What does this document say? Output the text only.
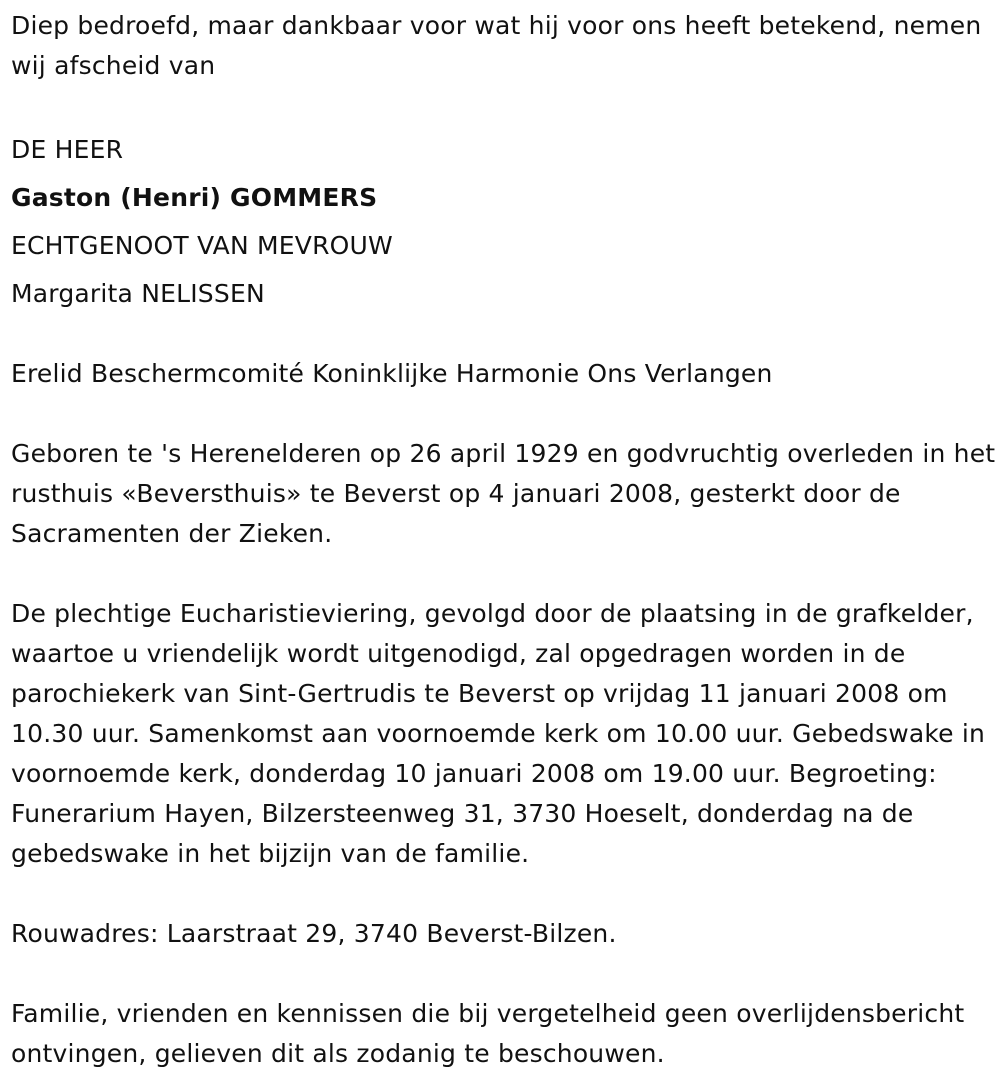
Diep bedroefd, maar dankbaar voor wat hij voor ons heeft betekend, nemen wij afscheid van

DE HEER

Gaston (Henri) GOMMERS

ECHTGENOOT VAN MEVROUW

Margarita NELISSEN

Erelid Beschermcomité Koninklijke Harmonie Ons Verlangen

Geboren te 's Herenelderen op 26 april 1929 en godvruchtig overleden in het rusthuis «Beversthuis» te Beverst op 4 januari 2008, gesterkt door de Sacramenten der Zieken.

De plechtige Eucharistieviering, gevolgd door de plaatsing in de grafkelder, waartoe u vriendelijk wordt uitgenodigd, zal opgedragen worden in de parochiekerk van Sint-Gertrudis te Beverst op vrijdag 11 januari 2008 om 10.30 uur. Samenkomst aan voornoemde kerk om 10.00 uur. Gebedswake in voornoemde kerk, donderdag 10 januari 2008 om 19.00 uur. Begroeting: Funerarium Hayen, Bilzersteenweg 31, 3730 Hoeselt, donderdag na de gebedswake in het bijzijn van de familie.

Rouwadres: Laarstraat 29, 3740 Beverst-Bilzen.

Familie, vrienden en kennissen die bij vergetelheid geen overlijdensbericht ontvingen, gelieven dit als zodanig te beschouwen.
